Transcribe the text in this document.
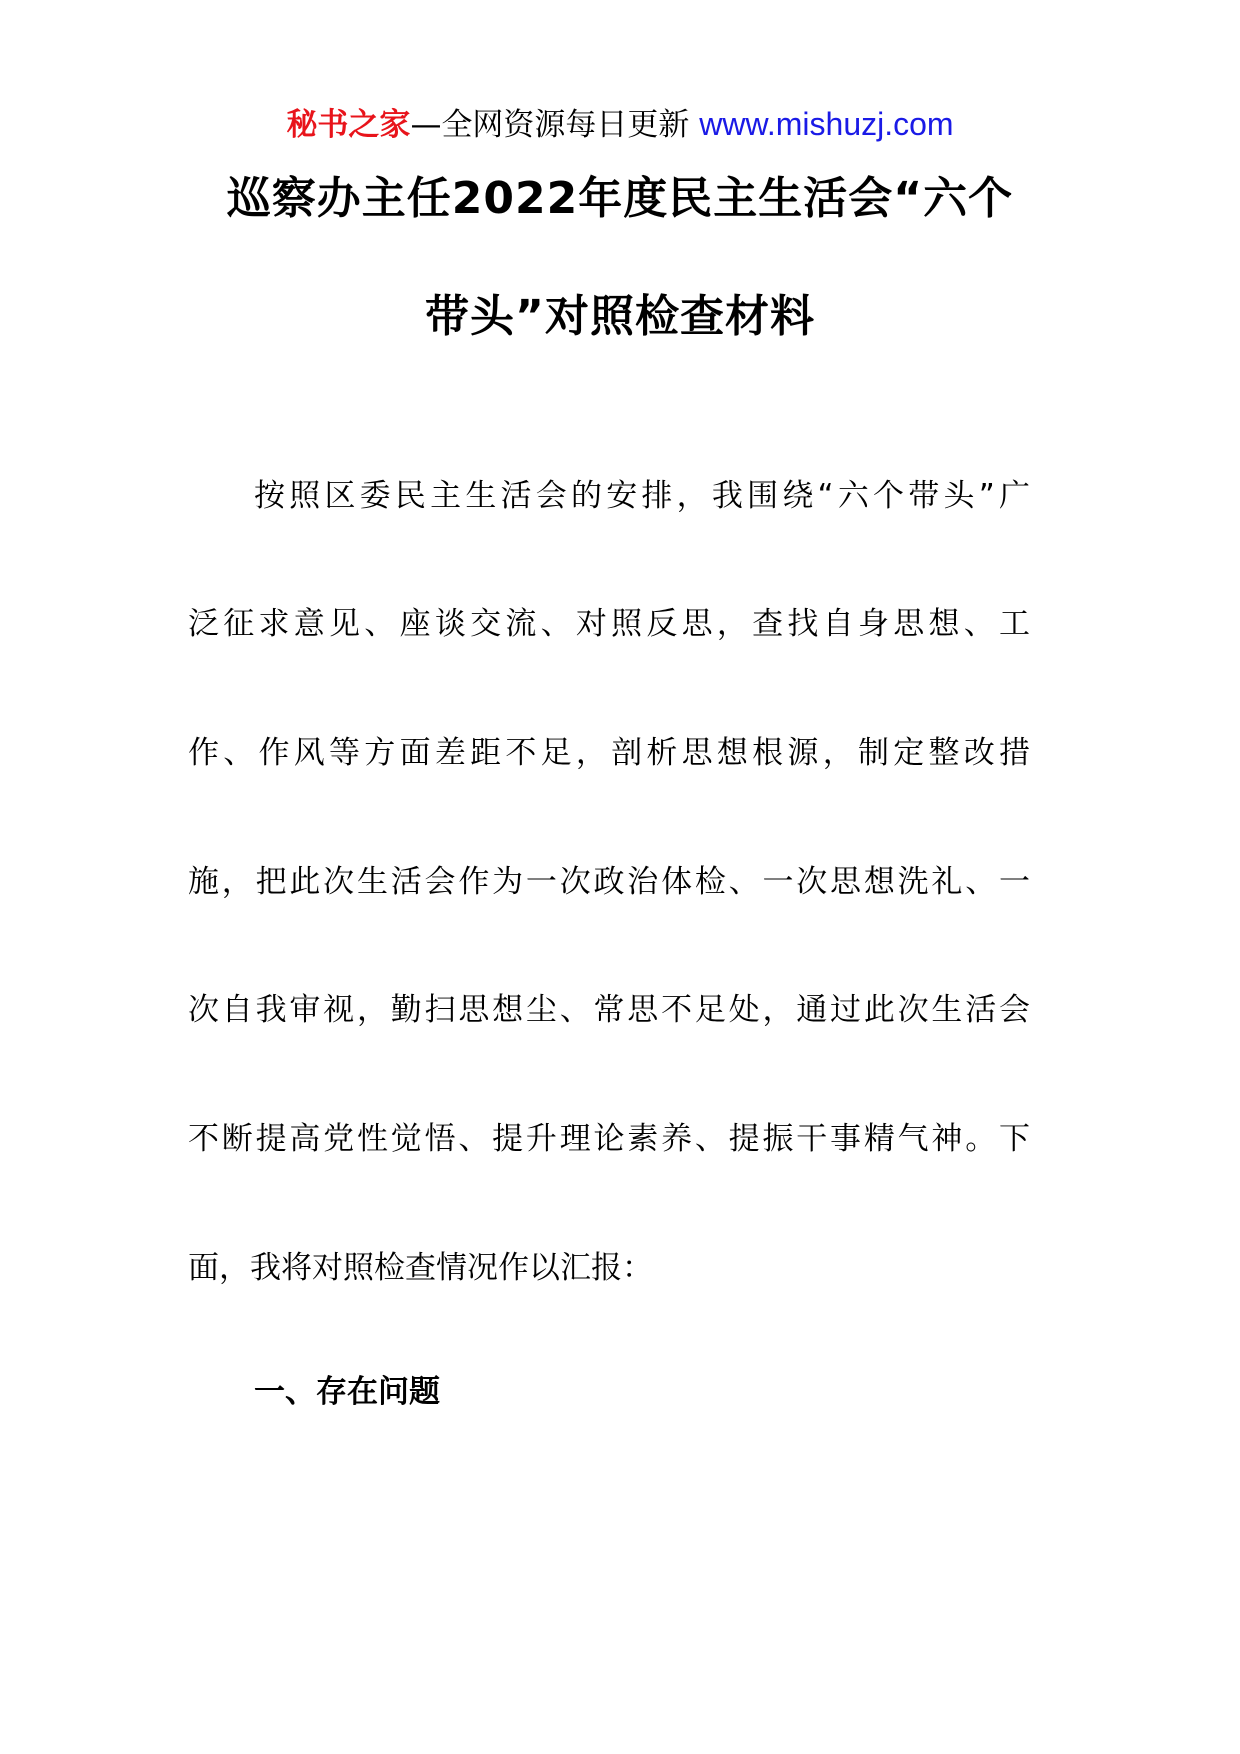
秘书之家—全网资源每日更新 www.mishuzj.com
巡察办主任2022年度民主生活会“六个
带头”对照检查材料
按照区委民主生活会的安排，我围绕“六个带头”广
泛征求意见、座谈交流、对照反思，查找自身思想、工
作、作风等方面差距不足，剖析思想根源，制定整改措
施，把此次生活会作为一次政治体检、一次思想洗礼、一
次自我审视，勤扫思想尘、常思不足处，通过此次生活会
不断提高党性觉悟、提升理论素养、提振干事精气神。下
面，我将对照检查情况作以汇报：
一、存在问题
